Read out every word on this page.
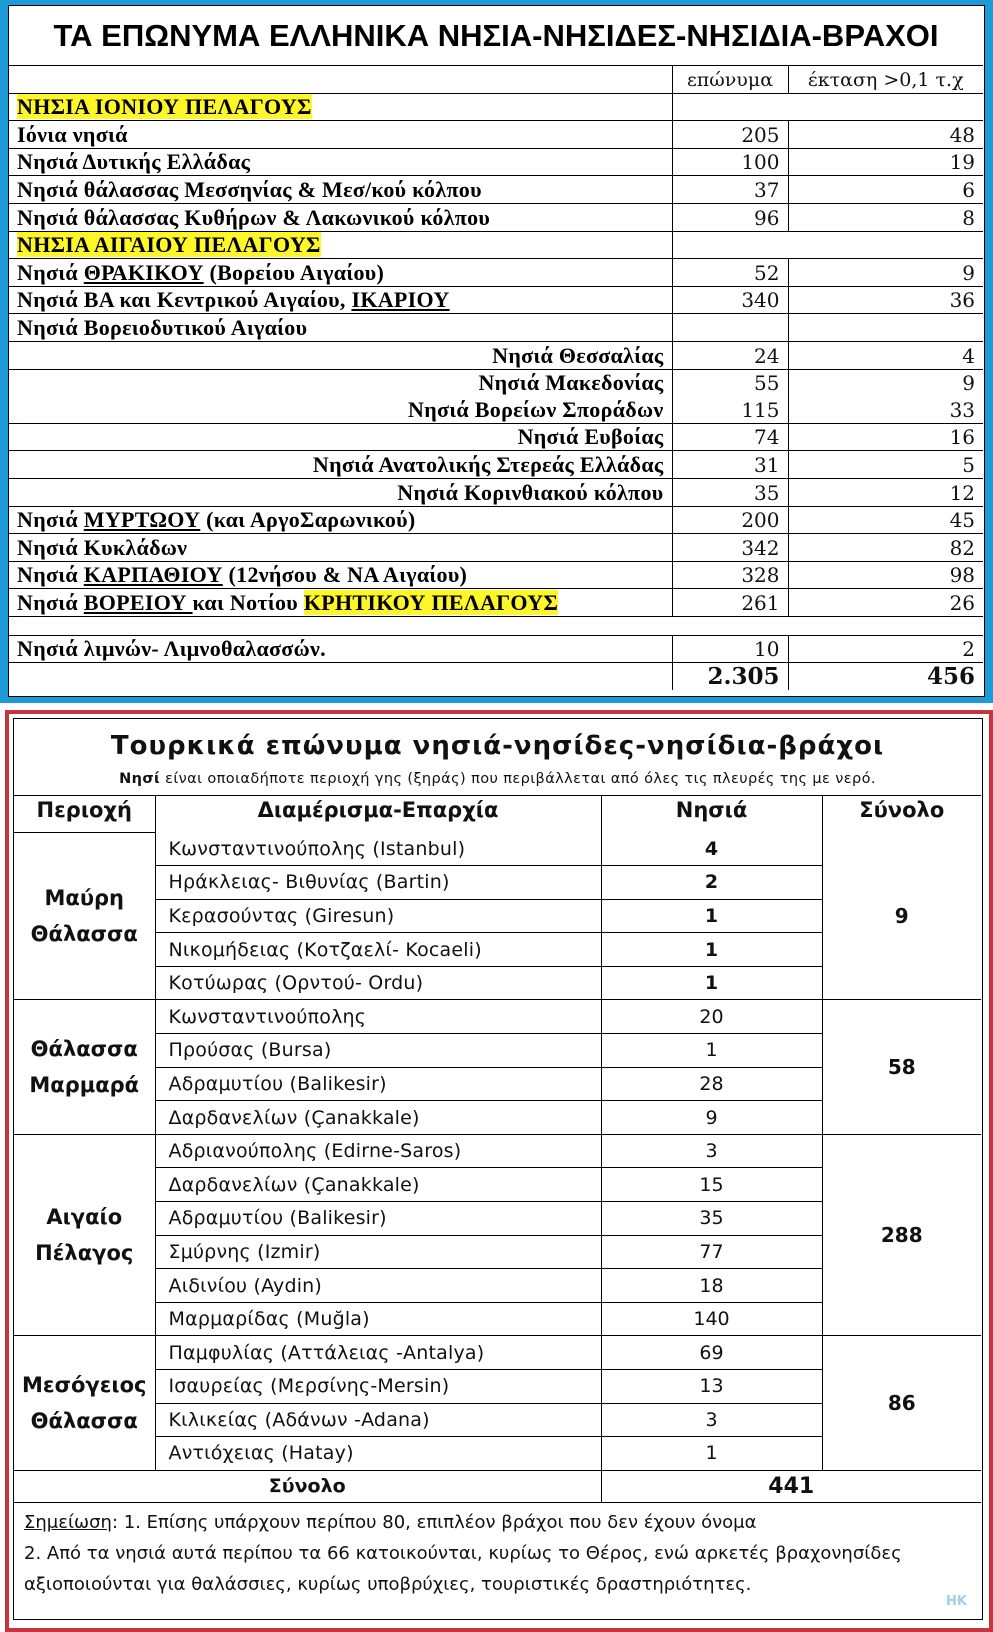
ΤΑ ΕΠΩΝΥΜΑ ΕΛΛΗΝΙΚΑ ΝΗΣΙΑ-ΝΗΣΙΔΕΣ-ΝΗΣΙΔΙΑ-ΒΡΑΧΟΙ		
	επώνυμα	έκταση >0,1 τ.χ
ΝΗΣΙΑ ΙΟΝΙΟΥ ΠΕΛΑΓΟΥΣ		
Ιόνια νησιά	205	48
Νησιά Δυτικής Ελλάδας	100	19
Νησιά θάλασσας Μεσσηνίας & Μεσ/κού κόλπου	37	6
Νησιά θάλασσας Κυθήρων & Λακωνικού κόλπου	96	8
ΝΗΣΙΑ ΑΙΓΑΙΟΥ ΠΕΛΑΓΟΥΣ		
Νησιά ΘΡΑΚΙΚΟΥ (Βορείου Αιγαίου)	52	9
Νησιά ΒΑ και Κεντρικού Αιγαίου, ΙΚΑΡΙΟΥ	340	36
Νησιά Βορειοδυτικού Αιγαίου		
Νησιά Θεσσαλίας	24	4
Νησιά Μακεδονίας	55	9
Νησιά Βορείων Σποράδων	115	33
Νησιά Ευβοίας	74	16
Νησιά Ανατολικής Στερεάς Ελλάδας	31	5
Νησιά Κορινθιακού κόλπου	35	12
Νησιά ΜΥΡΤΩΟΥ (και ΑργοΣαρωνικού)	200	45
Νησιά Κυκλάδων	342	82
Νησιά ΚΑΡΠΑΘΙΟΥ (12νήσου & ΝΑ Αιγαίου)	328	98
Νησιά ΒΟΡΕΙΟΥ και Νοτίου ΚΡΗΤΙΚΟΥ ΠΕΛΑΓΟΥΣ	261	26

Νησιά λιμνών- Λιμνοθαλασσών.	10	2
	2.305	456
Τουρκικά επώνυμα νησιά-νησίδες-νησίδια-βράχοι
Νησί είναι οποιαδήποτε περιοχή γης (ξηράς) που περιβάλλεται από όλες τις πλευρές της με νερό.			

Περιοχή	Διαμέρισμα-Επαρχία	Νησιά	Σύνολο

Μαύρη
Θάλασσα	Κωνσταντινούπολης (Istanbul)	4	9
	Ηράκλειας- Βιθυνίας (Bartin)	2	
	Κερασούντας (Giresun)	1	
	Νικομήδειας (Κοτζαελί- Kocaeli)	1	
	Κοτύωρας (Ορντού- Ordu)	1	

Θάλασσα
Μαρμαρά	Κωνσταντινούπολης	20	58
	Προύσας (Bursa)	1	
	Αδραμυτίου (Balikesir)	28	
	Δαρδανελίων (Çanakkale)	9	

Αιγαίο
Πέλαγος	Αδριανούπολης (Edirne-Saros)	3	288
	Δαρδανελίων (Çanakkale)	15	
	Αδραμυτίου (Balikesir)	35	
	Σμύρνης (Izmir)	77	
	Αιδινίου (Aydin)	18	
	Μαρμαρίδας (Muğla)	140	

Μεσόγειος
Θάλασσα	Παμφυλίας (Αττάλειας -Antalya)	69	86
	Ισαυρείας (Μερσίνης-Mersin)	13	
	Κιλικείας (Αδάνων -Adana)	3	
	Αντιόχειας (Hatay)	1	
Σύνολο		441	

Σημείωση: 1. Επίσης υπάρχουν περίπου 80, επιπλέον βράχοι που δεν έχουν όνομα
2. Από τα νησιά αυτά περίπου τα 66 κατοικούνται, κυρίως το Θέρος, ενώ αρκετές βραχονησίδες
αξιοποιούνται για θαλάσσιες, κυρίως υποβρύχιες, τουριστικές δραστηριότητες.
HK			
